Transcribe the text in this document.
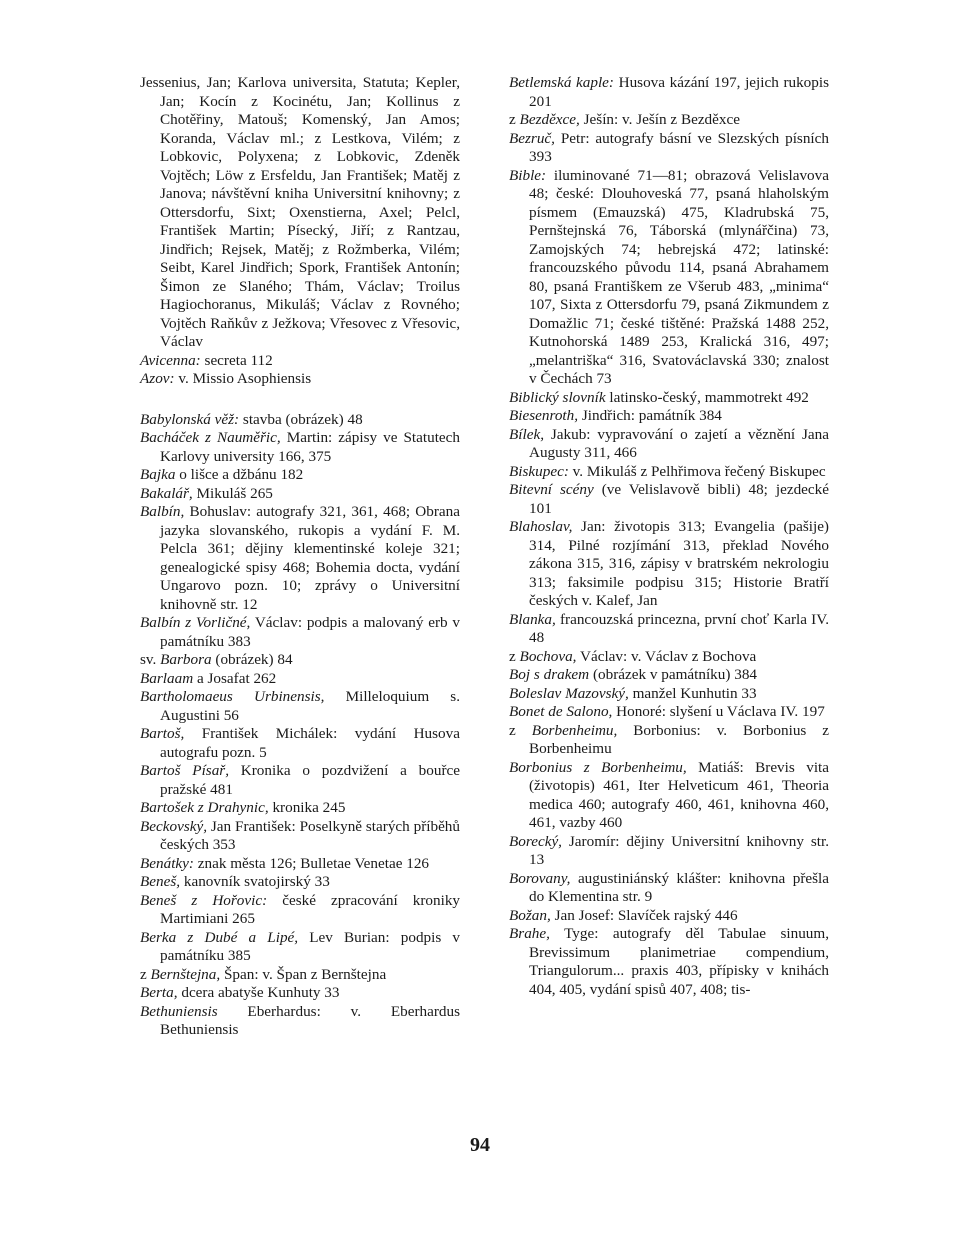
Jessenius, Jan; Karlova universita, Statuta; Kepler, Jan; Kocín z Kocinétu, Jan; Kollinus z Chotěřiny, Matouš; Komenský, Jan Amos; Koranda, Václav ml.; z Lestkova, Vilém; z Lobkovic, Polyxena; z Lobkovic, Zdeněk Vojtěch; Löw z Ersfeldu, Jan František; Matěj z Janova; návštěvní kniha Universitní knihovny; z Ottersdorfu, Sixt; Oxenstierna, Axel; Pelcl, František Martin; Písecký, Jiří; z Rantzau, Jindřich; Rejsek, Matěj; z Rožmberka, Vilém; Seibt, Karel Jindřich; Spork, František Antonín; Šimon ze Slaného; Thám, Václav; Troilus Hagiochoranus, Mikuláš; Václav z Rovného; Vojtěch Raňkův z Ježkova; Vřesovec z Vřesovic, Václav

Avicenna: secreta 112

Azov: v. Missio Asophiensis

Babylonská věž: stavba (obrázek) 48

Bacháček z Nauměřic, Martin: zápisy ve Statutech Karlovy university 166, 375

Bajka o lišce a džbánu 182

Bakalář, Mikuláš 265

Balbín, Bohuslav: autografy 321, 361, 468; Obrana jazyka slovanského, rukopis a vydání F. M. Pelcla 361; dějiny klementinské koleje 321; genealogické spisy 468; Bohemia docta, vydání Ungarovo pozn. 10; zprávy o Universitní knihovně str. 12

Balbín z Vorličné, Václav: podpis a malovaný erb v památníku 383

sv. Barbora (obrázek) 84

Barlaam a Josafat 262

Bartholomaeus Urbinensis, Milleloquium s. Augustini 56

Bartoš, František Michálek: vydání Husova autografu pozn. 5

Bartoš Písař, Kronika o pozdvižení a bouřce pražské 481

Bartošek z Drahynic, kronika 245

Beckovský, Jan František: Poselkyně starých příběhů českých 353

Benátky: znak města 126; Bulletae Venetae 126

Beneš, kanovník svatojirský 33

Beneš z Hořovic: české zpracování kroniky Martimiani 265

Berka z Dubé a Lipé, Lev Burian: podpis v památníku 385

z Bernštejna, Špan: v. Špan z Bernštejna

Berta, dcera abatyše Kunhuty 33

Bethuniensis Eberhardus: v. Eberhardus Bethuniensis

Betlemská kaple: Husova kázání 197, jejich rukopis 201

z Bezděxce, Ješín: v. Ješín z Bezděxce

Bezruč, Petr: autografy básní ve Slezských písních 393

Bible: iluminované 71—81; obrazová Velislavova 48; české: Dlouhoveská 77, psaná hlaholským písmem (Emauzská) 475, Kladrubská 75, Pernštejnská 76, Táborská (mlynářčina) 73, Zamojských 74; hebrejská 472; latinské: francouzského původu 114, psaná Abrahamem 80, psaná Františkem ze Všerub 483, „minima“ 107, Sixta z Ottersdorfu 79, psaná Zikmundem z Domažlic 71; české tištěné: Pražská 1488 252, Kutnohorská 1489 253, Kralická 316, 497; „melantriška“ 316, Svatováclavská 330; znalost v Čechách 73

Biblický slovník latinsko-český, mammotrekt 492

Biesenroth, Jindřich: památník 384

Bílek, Jakub: vypravování o zajetí a věznění Jana Augusty 311, 466

Biskupec: v. Mikuláš z Pelhřimova řečený Biskupec

Bitevní scény (ve Velislavově bibli) 48; jezdecké 101

Blahoslav, Jan: životopis 313; Evangelia (pašije) 314, Pilné rozjímání 313, překlad Nového zákona 315, 316, zápisy v bratrském nekrologiu 313; faksimile podpisu 315; Historie Bratří českých v. Kalef, Jan

Blanka, francouzská princezna, první choť Karla IV. 48

z Bochova, Václav: v. Václav z Bochova

Boj s drakem (obrázek v památníku) 384

Boleslav Mazovský, manžel Kunhutin 33

Bonet de Salono, Honoré: slyšení u Václava IV. 197

z Borbenheimu, Borbonius: v. Borbonius z Borbenheimu

Borbonius z Borbenheimu, Matiáš: Brevis vita (životopis) 461, Iter Helveticum 461, Theoria medica 460; autografy 460, 461, knihovna 460, 461, vazby 460

Borecký, Jaromír: dějiny Universitní knihovny str. 13

Borovany, augustiniánský klášter: knihovna přešla do Klementina str. 9

Božan, Jan Josef: Slavíček rajský 446

Brahe, Tyge: autografy děl Tabulae sinuum, Brevissimum planimetriae compendium, Triangulorum... praxis 403, přípisky v knihách 404, 405, vydání spisů 407, 408; tis-

94
